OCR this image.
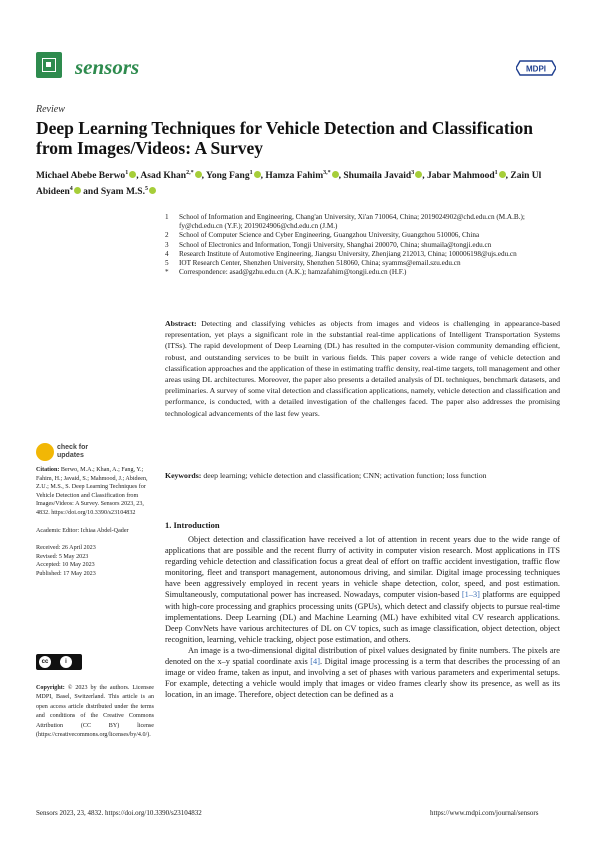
sensors	MDPI
Review
Deep Learning Techniques for Vehicle Detection and Classification from Images/Videos: A Survey
Michael Abebe Berwo$^1$ , Asad Khan$^{2,*}$ , Yong Fang$^1$ , Hamza Fahim$^{3,*}$ , Shumaila Javaid$^3$ , Jabar Mahmood$^1$ , Zain Ul Abideen$^4$ and Syam M.S.$^5$
1	School of Information and Engineering, Chang'an University, Xi'an 710064, China; 2019024902@chd.edu.cn (M.A.B.); fy@chd.edu.cn (Y.F.); 2019024906@chd.edu.cn (J.M.)
2	School of Computer Science and Cyber Engineering, Guangzhou University, Guangzhou 510006, China
3	School of Electronics and Information, Tongji University, Shanghai 200070, China; shumaila@tongji.edu.cn
4	Research Institute of Automotive Engineering, Jiangsu University, Zhenjiang 212013, China; 100006198@ujs.edu.cn
5	IOT Research Center, Shenzhen University, Shenzhen 518060, China; syamms@email.szu.edu.cn
*	Correspondence: asad@gzhu.edu.cn (A.K.); hamzafahim@tongji.edu.cn (H.F.)
Abstract: Detecting and classifying vehicles as objects from images and videos is challenging in appearance-based representation, yet plays a significant role in the substantial real-time applications of Intelligent Transportation Systems (ITSs). The rapid development of Deep Learning (DL) has resulted in the computer-vision community demanding efficient, robust, and outstanding services to be built in various fields. This paper covers a wide range of vehicle detection and classification approaches and the application of these in estimating traffic density, real-time targets, toll management and other areas using DL architectures. Moreover, the paper also presents a detailed analysis of DL techniques, benchmark datasets, and preliminaries. A survey of some vital detection and classification applications, namely, vehicle detection and classification and performance, is conducted, with a detailed investigation of the challenges faced. The paper also addresses the promising technological advancements of the last few years.
Keywords: deep learning; vehicle detection and classification; CNN; activation function; loss function
check for updates

Citation: Berwo, M.A.; Khan, A.; Fang, Y.; Fahim, H.; Javaid, S.; Mahmood, J.; Abideen, Z.U.; M.S., S. Deep Learning Techniques for Vehicle Detection and Classification from Images/Videos: A Survey. Sensors 2023, 23, 4832. https://doi.org/10.3390/s23104832

Academic Editor: Ichiaa Abdel-Qader

Received: 26 April 2023

Revised: 5 May 2023

Accepted: 10 May 2023

Published: 17 May 2023

cc	i
Copyright: © 2023 by the authors. Licensee MDPI, Basel, Switzerland. This article is an open access article distributed under the terms and conditions of the Creative Commons Attribution (CC BY) license (https://creativecommons.org/licenses/by/4.0/).
1. Introduction

Object detection and classification have received a lot of attention in recent years due to the wide range of applications that are possible and the recent flurry of activity in computer vision research. Most applications in ITS regarding vehicle detection and classification focus a great deal of effort on traffic accident investigation, traffic flow monitoring, fleet and transport management, autonomous driving, and similar. Digital image processing techniques have been aggressively employed in recent years in vehicle shape detection, color, speed, and post estimation. Simultaneously, computational power has increased. Nowadays, computer vision-based [1–3] platforms are equipped with high-core processing and graphics processing units (GPUs), which detect and classify objects to pursue real-time implementations. Deep Learning (DL) and Machine Learning (ML) have exhibited vital CV research applications. Deep ConvNets have various architectures of DL on CV topics, such as image classification, object detection, object recognition, learning, vehicle tracking, object pose estimation, and others.

An image is a two-dimensional digital distribution of pixel values designated by finite numbers. The pixels are denoted on the x–y spatial coordinate axis [4]. Digital image processing is a term that describes the processing of an image or video frame, taken as input, and involving a set of phases with various parameters and experimental setups. For example, detecting a vehicle would imply that images or video frames clearly show its presence, as well as its location, in an image. Therefore, object detection can be defined as a

Sensors 2023, 23, 4832. https://doi.org/10.3390/s23104832	https://www.mdpi.com/journal/sensors
